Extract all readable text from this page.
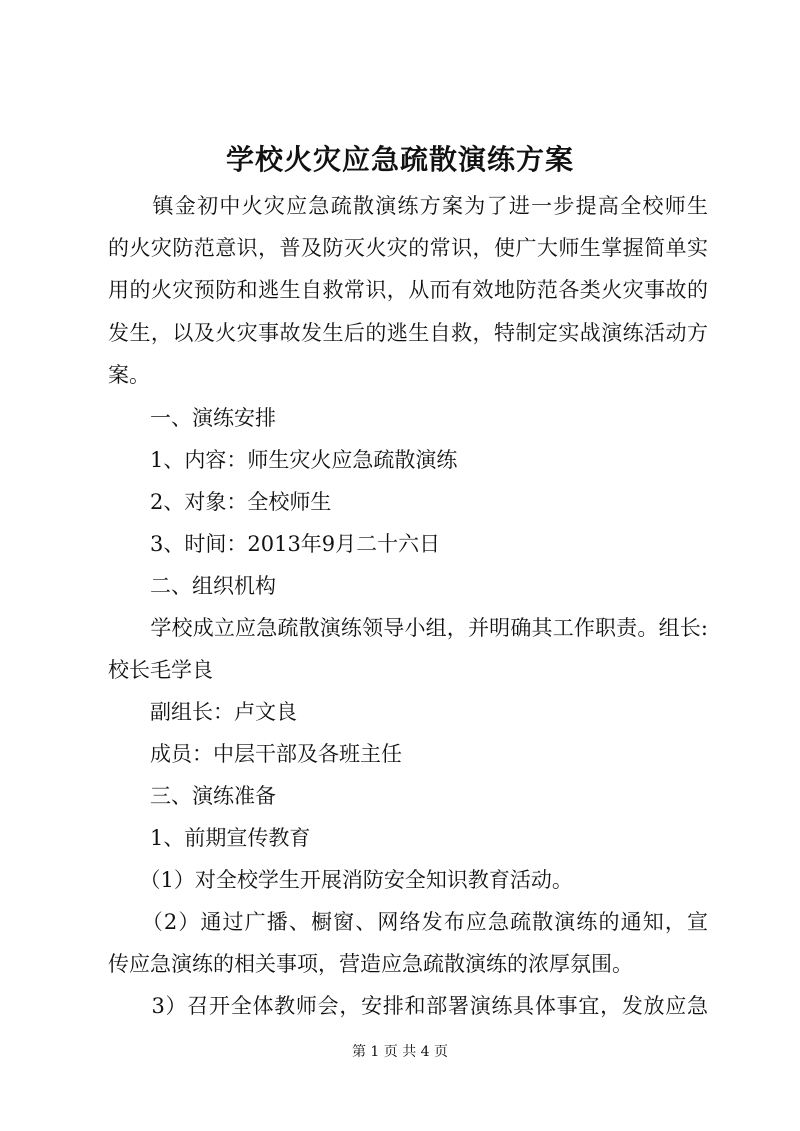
学校火灾应急疏散演练方案

　　镇金初中火灾应急疏散演练方案为了进一步提高全校师生

的火灾防范意识，普及防灭火灾的常识，使广大师生掌握简单实

用的火灾预防和逃生自救常识，从而有效地防范各类火灾事故的

发生，以及火灾事故发生后的逃生自救，特制定实战演练活动方

案。

　　一、演练安排

　　1、内容：师生灾火应急疏散演练

　　2、对象：全校师生

　　3、时间：2013年9月二十六日

　　二、组织机构

　　学校成立应急疏散演练领导小组，并明确其工作职责。组长:

校长毛学良

　　副组长：卢文良

　　成员：中层干部及各班主任

　　三、演练准备

　　1、前期宣传教育

　　（1）对全校学生开展消防安全知识教育活动。

　　（2）通过广播、橱窗、网络发布应急疏散演练的通知，宣

传应急演练的相关事项，营造应急疏散演练的浓厚氛围。

　　3）召开全体教师会，安排和部署演练具体事宜，发放应急

第 1 页 共 4 页
